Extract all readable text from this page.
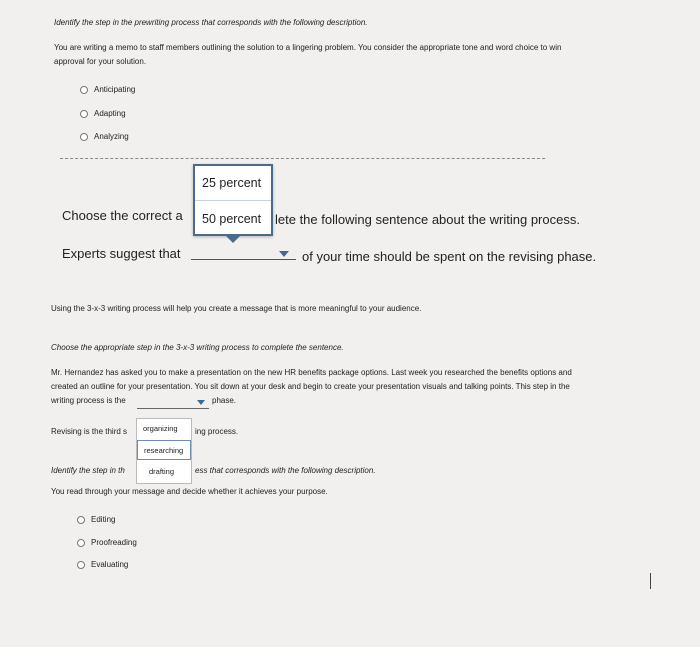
Identify the step in the prewriting process that corresponds with the following description.
You are writing a memo to staff members outlining the solution to a lingering problem. You consider the appropriate tone and word choice to win
approval for your solution.
Anticipating
Adapting
Analyzing
Choose the correct a	lete the following sentence about the writing process.
Experts suggest that	of your time should be spent on the revising phase.
25 percent
50 percent
Using the 3-x-3 writing process will help you create a message that is more meaningful to your audience.
Choose the appropriate step in the 3-x-3 writing process to complete the sentence.
Mr. Hernandez has asked you to make a presentation on the new HR benefits package options. Last week you researched the benefits options and
created an outline for your presentation. You sit down at your desk and begin to create your presentation visuals and talking points. This step in the
writing process is the	phase.
Revising is the third s	ing process.
organizing
researching
drafting
Identify the step in th	ess that corresponds with the following description.
You read through your message and decide whether it achieves your purpose.
Editing
Proofreading
Evaluating
